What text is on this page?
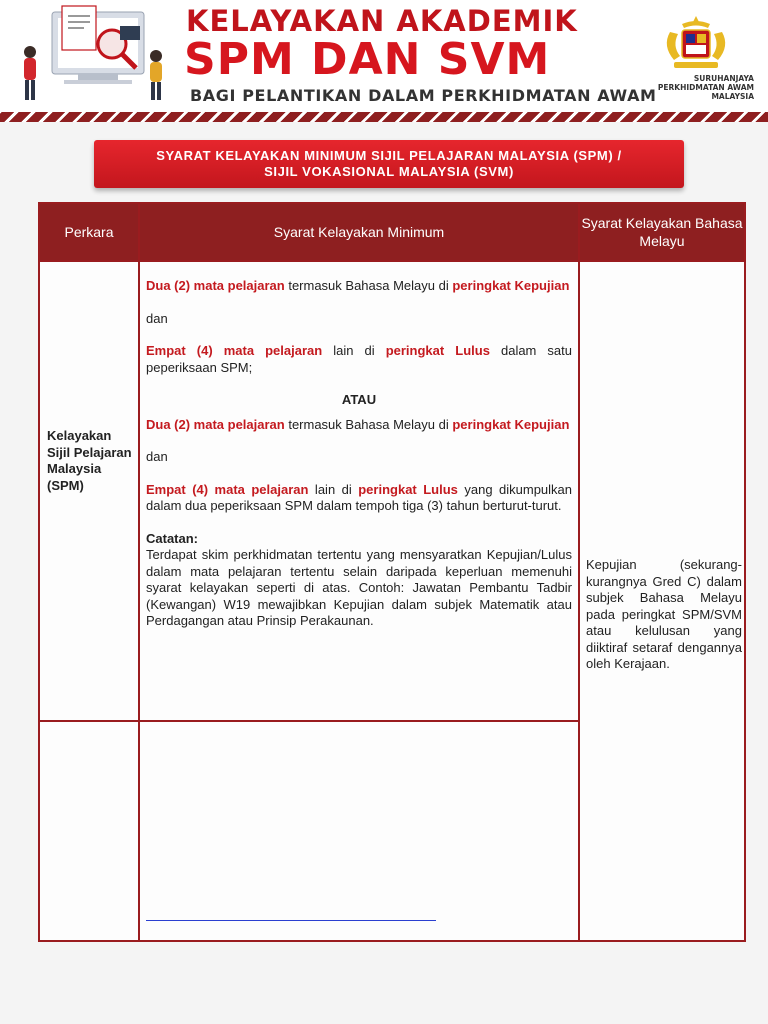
KELAYAKAN AKADEMIK
SPM DAN SVM
BAGI PELANTIKAN DALAM PERKHIDMATAN AWAM
SURUHANJAYA
PERKHIDMATAN AWAM
MALAYSIA
SYARAT KELAYAKAN MINIMUM SIJIL PELAJARAN MALAYSIA (SPM) /
SIJIL VOKASIONAL MALAYSIA (SVM)
Perkara	Syarat Kelayakan Minimum
Syarat Kelayakan Bahasa Melayu
Kelayakan Sijil Pelajaran Malaysia (SPM)

Dua (2) mata pelajaran termasuk Bahasa Melayu di peringkat Kepujian

dan

Empat (4) mata pelajaran lain di peringkat Lulus dalam satu peperiksaan SPM;

ATAU

Dua (2) mata pelajaran termasuk Bahasa Melayu di peringkat Kepujian

dan

Empat (4) mata pelajaran lain di peringkat Lulus yang dikumpulkan dalam dua peperiksaan SPM dalam tempoh tiga (3) tahun berturut-turut.

Catatan:

Terdapat skim perkhidmatan tertentu yang mensyaratkan Kepujian/Lulus dalam mata pelajaran tertentu selain daripada keperluan memenuhi syarat kelayakan seperti di atas. Contoh: Jawatan Pembantu Tadbir (Kewangan) W19 mewajibkan Kepujian dalam subjek Matematik atau Perdagangan atau Prinsip Perakaunan.

Kepujian (sekurang-kurangnya Gred C) dalam subjek Bahasa Melayu pada peringkat SPM/SVM atau kelulusan yang diiktiraf setaraf dengannya oleh Kerajaan.
